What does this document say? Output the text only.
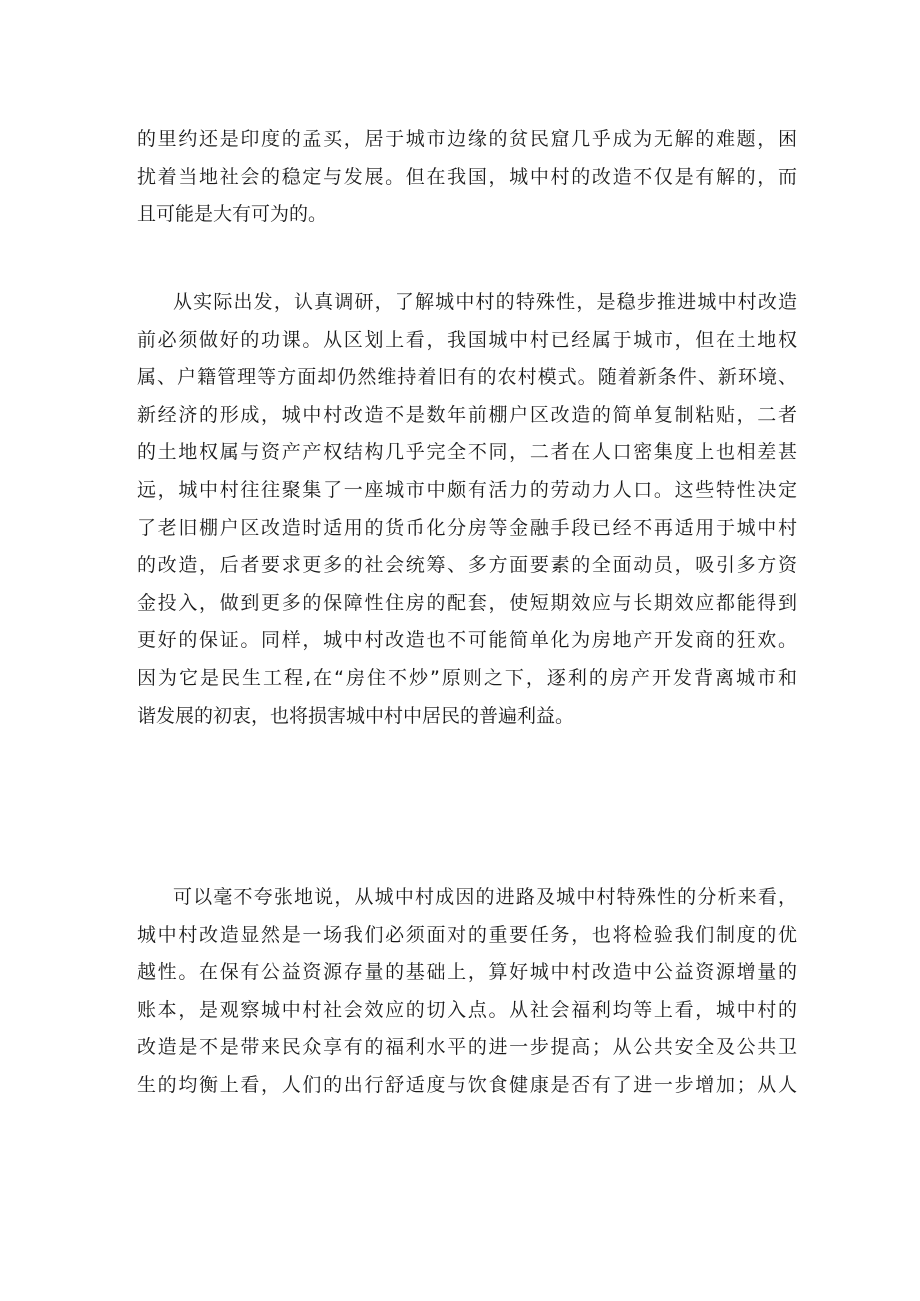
的里约还是印度的孟买，居于城市边缘的贫民窟几乎成为无解的难题，困
扰着当地社会的稳定与发展。但在我国，城中村的改造不仅是有解的，而
且可能是大有可为的。
从实际出发，认真调研，了解城中村的特殊性，是稳步推进城中村改造
前必须做好的功课。从区划上看，我国城中村已经属于城市，但在土地权
属、户籍管理等方面却仍然维持着旧有的农村模式。随着新条件、新环境、
新经济的形成，城中村改造不是数年前棚户区改造的简单复制粘贴，二者
的土地权属与资产产权结构几乎完全不同，二者在人口密集度上也相差甚
远，城中村往往聚集了一座城市中颇有活力的劳动力人口。这些特性决定
了老旧棚户区改造时适用的货币化分房等金融手段已经不再适用于城中村
的改造，后者要求更多的社会统筹、多方面要素的全面动员，吸引多方资
金投入，做到更多的保障性住房的配套，使短期效应与长期效应都能得到
更好的保证。同样，城中村改造也不可能简单化为房地产开发商的狂欢。
因为它是民生工程,在“房住不炒”原则之下，逐利的房产开发背离城市和
谐发展的初衷，也将损害城中村中居民的普遍利益。
可以毫不夸张地说，从城中村成因的进路及城中村特殊性的分析来看，
城中村改造显然是一场我们必须面对的重要任务，也将检验我们制度的优
越性。在保有公益资源存量的基础上，算好城中村改造中公益资源增量的
账本，是观察城中村社会效应的切入点。从社会福利均等上看，城中村的
改造是不是带来民众享有的福利水平的进一步提高；从公共安全及公共卫
生的均衡上看，人们的出行舒适度与饮食健康是否有了进一步增加；从人
